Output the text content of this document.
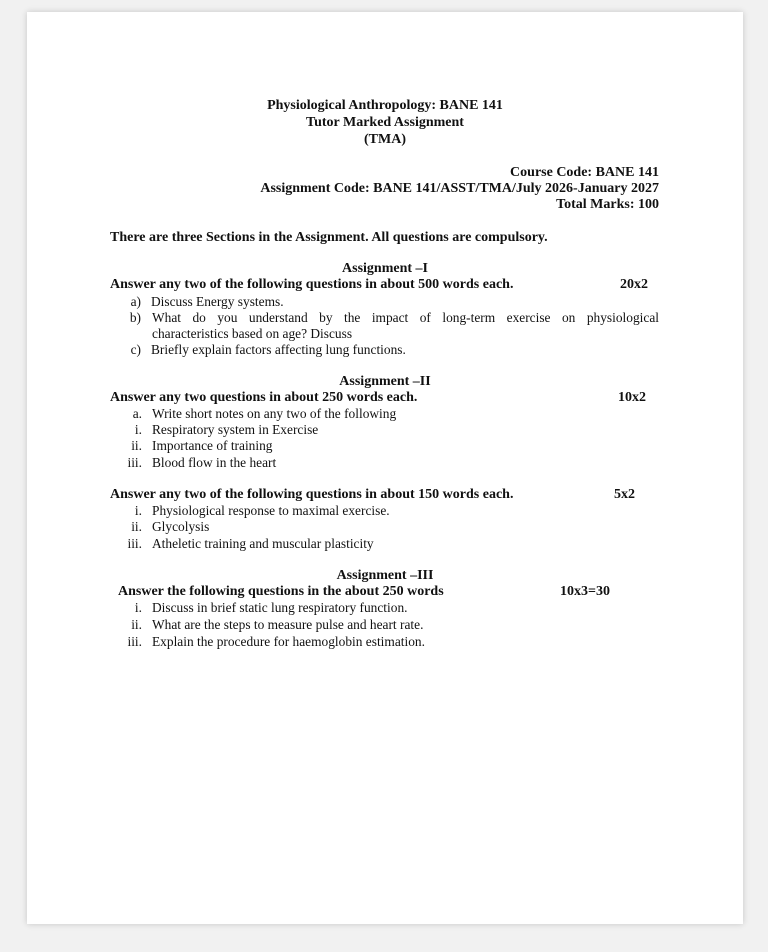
Physiological Anthropology: BANE 141
Tutor Marked Assignment
(TMA)
Course Code: BANE 141
Assignment Code: BANE 141/ASST/TMA/July 2026-January 2027
Total Marks: 100
There are three Sections in the Assignment. All questions are compulsory.
Assignment –I
Answer any two of the following questions in about 500 words each.	20x2
a) Discuss Energy systems.
b) What do you understand by the impact of long-term exercise on physiological
characteristics based on age? Discuss
c) Briefly explain factors affecting lung functions.
Assignment –II
Answer any two questions in about 250 words each.	10x2
a. Write short notes on any two of the following
i. Respiratory system in Exercise
ii. Importance of training
iii. Blood flow in the heart
Answer any two of the following questions in about 150 words each.	5x2
i. Physiological response to maximal exercise.
ii. Glycolysis
iii. Atheletic training and muscular plasticity
Assignment –III
Answer the following questions in the about 250 words	10x3=30
i. Discuss in brief static lung respiratory function.
ii. What are the steps to measure pulse and heart rate.
iii. Explain the procedure for haemoglobin estimation.
